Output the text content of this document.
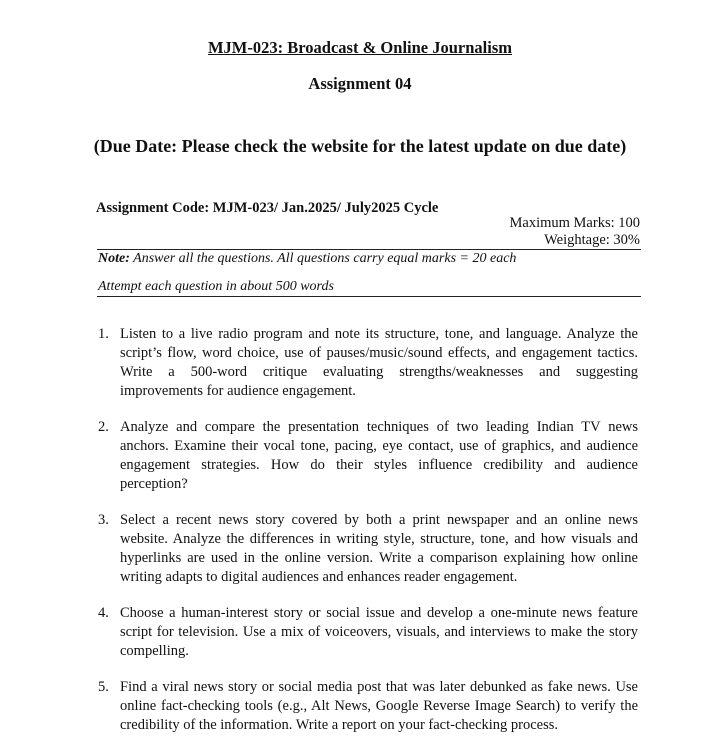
MJM-023: Broadcast & Online Journalism
Assignment 04
(Due Date: Please check the website for the latest update on due date)
Assignment Code: MJM-023/ Jan.2025/ July2025 Cycle
Maximum Marks: 100
Weightage: 30%
Note: Answer all the questions. All questions carry equal marks = 20 each
Attempt each question in about 500 words
1. Listen to a live radio program and note its structure, tone, and language. Analyze the script’s flow, word choice, use of pauses/music/sound effects, and engagement tactics. Write a 500-word critique evaluating strengths/weaknesses and suggesting improvements for audience engagement.
2. Analyze and compare the presentation techniques of two leading Indian TV news anchors. Examine their vocal tone, pacing, eye contact, use of graphics, and audience engagement strategies. How do their styles influence credibility and audience perception?
3. Select a recent news story covered by both a print newspaper and an online news website. Analyze the differences in writing style, structure, tone, and how visuals and hyperlinks are used in the online version. Write a comparison explaining how online writing adapts to digital audiences and enhances reader engagement.
4. Choose a human-interest story or social issue and develop a one-minute news feature script for television. Use a mix of voiceovers, visuals, and interviews to make the story compelling.
5. Find a viral news story or social media post that was later debunked as fake news. Use online fact-checking tools (e.g., Alt News, Google Reverse Image Search) to verify the credibility of the information. Write a report on your fact-checking process.
